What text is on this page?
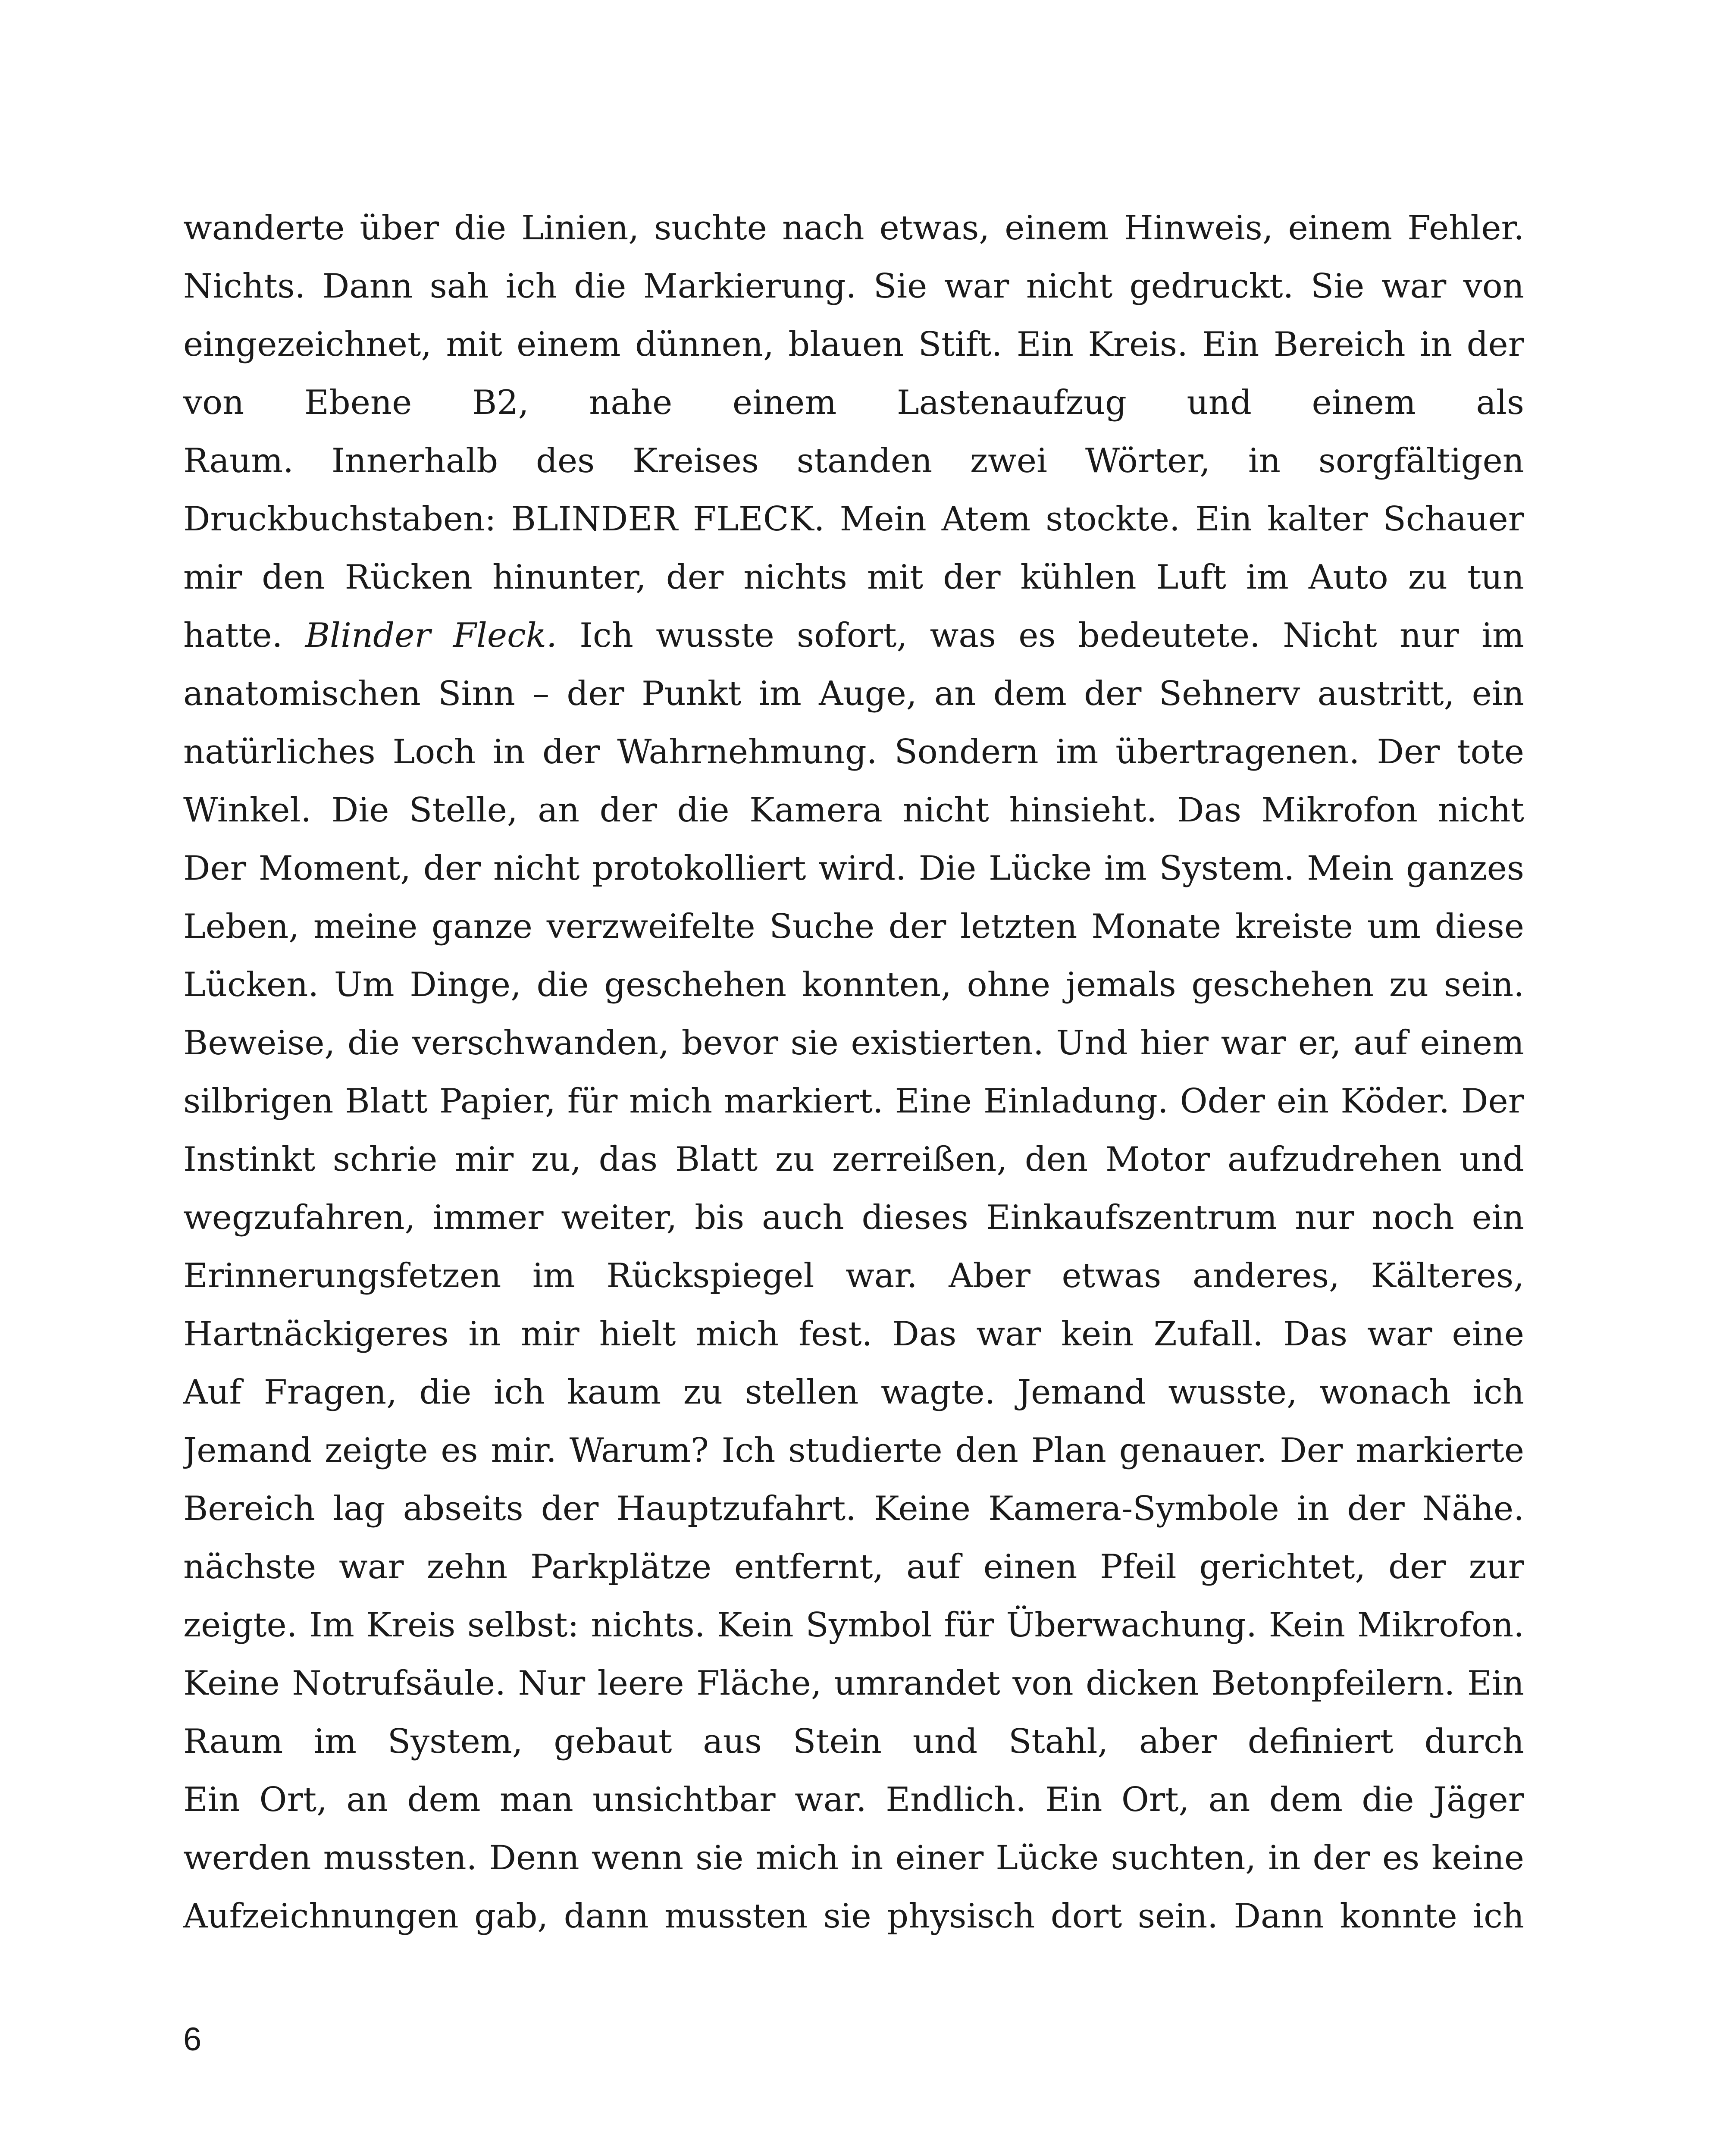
wanderte über die Linien, suchte nach etwas, einem Hinweis, einem Fehler.
Nichts. Dann sah ich die Markierung. Sie war nicht gedruckt. Sie war von
eingezeichnet, mit einem dünnen, blauen Stift. Ein Kreis. Ein Bereich in der
von Ebene B2, nahe einem Lastenaufzug und einem als
Raum. Innerhalb des Kreises standen zwei Wörter, in sorgfältigen
Druckbuchstaben: BLINDER FLECK. Mein Atem stockte. Ein kalter Schauer
mir den Rücken hinunter, der nichts mit der kühlen Luft im Auto zu tun
hatte. Blinder Fleck. Ich wusste sofort, was es bedeutete. Nicht nur im
anatomischen Sinn – der Punkt im Auge, an dem der Sehnerv austritt, ein
natürliches Loch in der Wahrnehmung. Sondern im übertragenen. Der tote
Winkel. Die Stelle, an der die Kamera nicht hinsieht. Das Mikrofon nicht
Der Moment, der nicht protokolliert wird. Die Lücke im System. Mein ganzes
Leben, meine ganze verzweifelte Suche der letzten Monate kreiste um diese
Lücken. Um Dinge, die geschehen konnten, ohne jemals geschehen zu sein.
Beweise, die verschwanden, bevor sie existierten. Und hier war er, auf einem
silbrigen Blatt Papier, für mich markiert. Eine Einladung. Oder ein Köder. Der
Instinkt schrie mir zu, das Blatt zu zerreißen, den Motor aufzudrehen und
wegzufahren, immer weiter, bis auch dieses Einkaufszentrum nur noch ein
Erinnerungsfetzen im Rückspiegel war. Aber etwas anderes, Kälteres,
Hartnäckigeres in mir hielt mich fest. Das war kein Zufall. Das war eine
Auf Fragen, die ich kaum zu stellen wagte. Jemand wusste, wonach ich
Jemand zeigte es mir. Warum? Ich studierte den Plan genauer. Der markierte
Bereich lag abseits der Hauptzufahrt. Keine Kamera-Symbole in der Nähe.
nächste war zehn Parkplätze entfernt, auf einen Pfeil gerichtet, der zur
zeigte. Im Kreis selbst: nichts. Kein Symbol für Überwachung. Kein Mikrofon.
Keine Notrufsäule. Nur leere Fläche, umrandet von dicken Betonpfeilern. Ein
Raum im System, gebaut aus Stein und Stahl, aber definiert durch
Ein Ort, an dem man unsichtbar war. Endlich. Ein Ort, an dem die Jäger
werden mussten. Denn wenn sie mich in einer Lücke suchten, in der es keine
Aufzeichnungen gab, dann mussten sie physisch dort sein. Dann konnte ich
6
